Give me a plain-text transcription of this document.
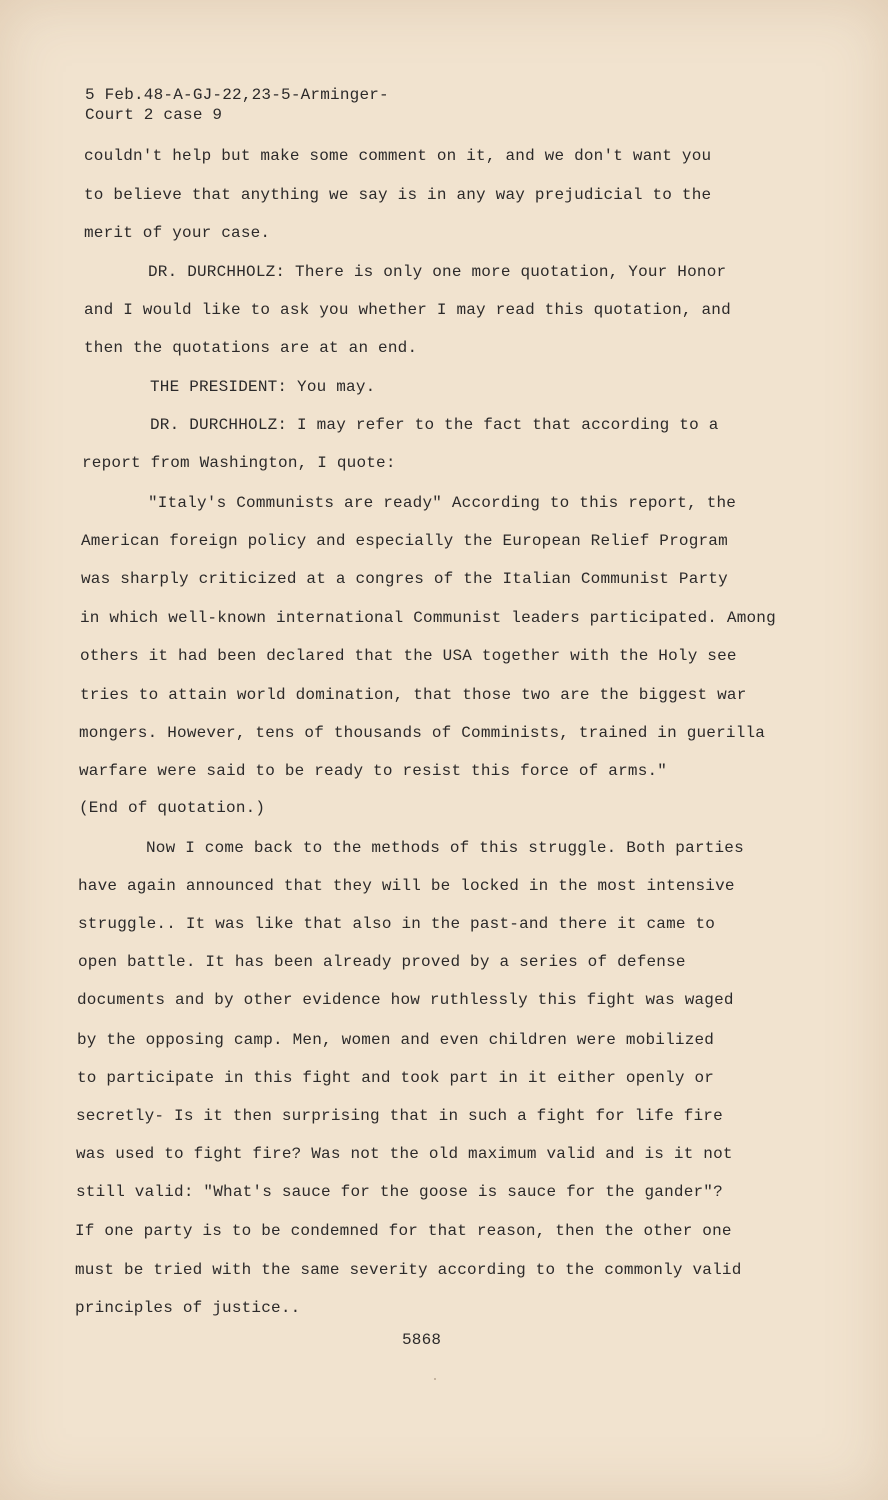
5 Feb.48-A-GJ-22,23-5-Arminger-
Court 2 case 9
couldn't help but make some comment on it, and we don't want you
to believe that anything we say is in any way prejudicial to the
merit of your case.
DR. DURCHHOLZ: There is only one more quotation, Your Honor
and I would like to ask you whether I may read this quotation, and
then the quotations are at an end.
THE PRESIDENT: You may.
DR. DURCHHOLZ: I may refer to the fact that according to a
report from Washington, I quote:
"Italy's Communists are ready" According to this report, the
American foreign policy and especially the European Relief Program
was sharply criticized at a congres of the Italian Communist Party
in which well-known international Communist leaders participated. Among
others it had been declared that the USA together with the Holy see
tries to attain world domination, that those two are the biggest war
mongers. However, tens of thousands of Comminists, trained in guerilla
warfare were said to be ready to resist this force of arms."
(End of quotation.)
Now I come back to the methods of this struggle. Both parties
have again announced that they will be locked in the most intensive
struggle.. It was like that also in the past-and there it came to
open battle. It has been already proved by a series of defense
documents and by other evidence how ruthlessly this fight was waged
by the opposing camp. Men, women and even children were mobilized
to participate in this fight and took part in it either openly or
secretly- Is it then surprising that in such a fight for life fire
was used to fight fire? Was not the old maximum valid and is it not
still valid: "What's sauce for the goose is sauce for the gander"?
If one party is to be condemned for that reason, then the other one
must be tried with the same severity according to the commonly valid
principles of justice..
5868
